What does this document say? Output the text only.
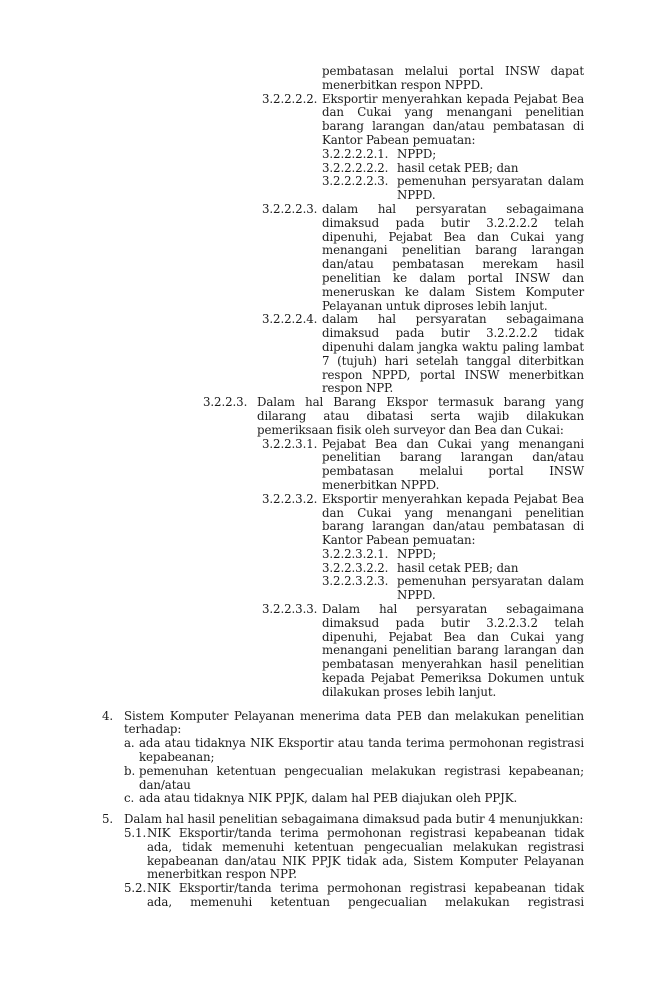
pembatasan melalui portal INSW dapat menerbitkan respon NPPD.

3.2.2.2.2. Eksportir menyerahkan kepada Pejabat Bea dan Cukai yang menangani penelitian barang larangan dan/atau pembatasan di Kantor Pabean pemuatan:
3.2.2.2.2.1. NPPD;
3.2.2.2.2.2. hasil cetak PEB; dan
3.2.2.2.2.3. pemenuhan persyaratan dalam NPPD.
3.2.2.2.3. dalam hal persyaratan sebagaimana dimaksud pada butir 3.2.2.2.2 telah dipenuhi, Pejabat Bea dan Cukai yang menangani penelitian barang larangan dan/atau pembatasan merekam hasil penelitian ke dalam portal INSW dan meneruskan ke dalam Sistem Komputer Pelayanan untuk diproses lebih lanjut.
3.2.2.2.4. dalam hal persyaratan sebagaimana dimaksud pada butir 3.2.2.2.2 tidak dipenuhi dalam jangka waktu paling lambat 7 (tujuh) hari setelah tanggal diterbitkan respon NPPD, portal INSW menerbitkan respon NPP.
3.2.2.3. Dalam hal Barang Ekspor termasuk barang yang dilarang atau dibatasi serta wajib dilakukan pemeriksaan fisik oleh surveyor dan Bea dan Cukai:
3.2.2.3.1. Pejabat Bea dan Cukai yang menangani penelitian barang larangan dan/atau pembatasan melalui portal INSW menerbitkan NPPD.
3.2.2.3.2. Eksportir menyerahkan kepada Pejabat Bea dan Cukai yang menangani penelitian barang larangan dan/atau pembatasan di Kantor Pabean pemuatan:
3.2.2.3.2.1. NPPD;
3.2.2.3.2.2. hasil cetak PEB; dan
3.2.2.3.2.3. pemenuhan persyaratan dalam NPPD.
3.2.2.3.3. Dalam hal persyaratan sebagaimana dimaksud pada butir 3.2.2.3.2 telah dipenuhi, Pejabat Bea dan Cukai yang menangani penelitian barang larangan dan pembatasan menyerahkan hasil penelitian kepada Pejabat Pemeriksa Dokumen untuk dilakukan proses lebih lanjut.
4. Sistem Komputer Pelayanan menerima data PEB dan melakukan penelitian terhadap:
a. ada atau tidaknya NIK Eksportir atau tanda terima permohonan registrasi kepabeanan;
b. pemenuhan ketentuan pengecualian melakukan registrasi kepabeanan; dan/atau
c. ada atau tidaknya NIK PPJK, dalam hal PEB diajukan oleh PPJK.
5. Dalam hal hasil penelitian sebagaimana dimaksud pada butir 4 menunjukkan:
5.1. NIK Eksportir/tanda terima permohonan registrasi kepabeanan tidak ada, tidak memenuhi ketentuan pengecualian melakukan registrasi kepabeanan dan/atau NIK PPJK tidak ada, Sistem Komputer Pelayanan menerbitkan respon NPP.
5.2. NIK Eksportir/tanda terima permohonan registrasi kepabeanan tidak ada, memenuhi ketentuan pengecualian melakukan registrasi
